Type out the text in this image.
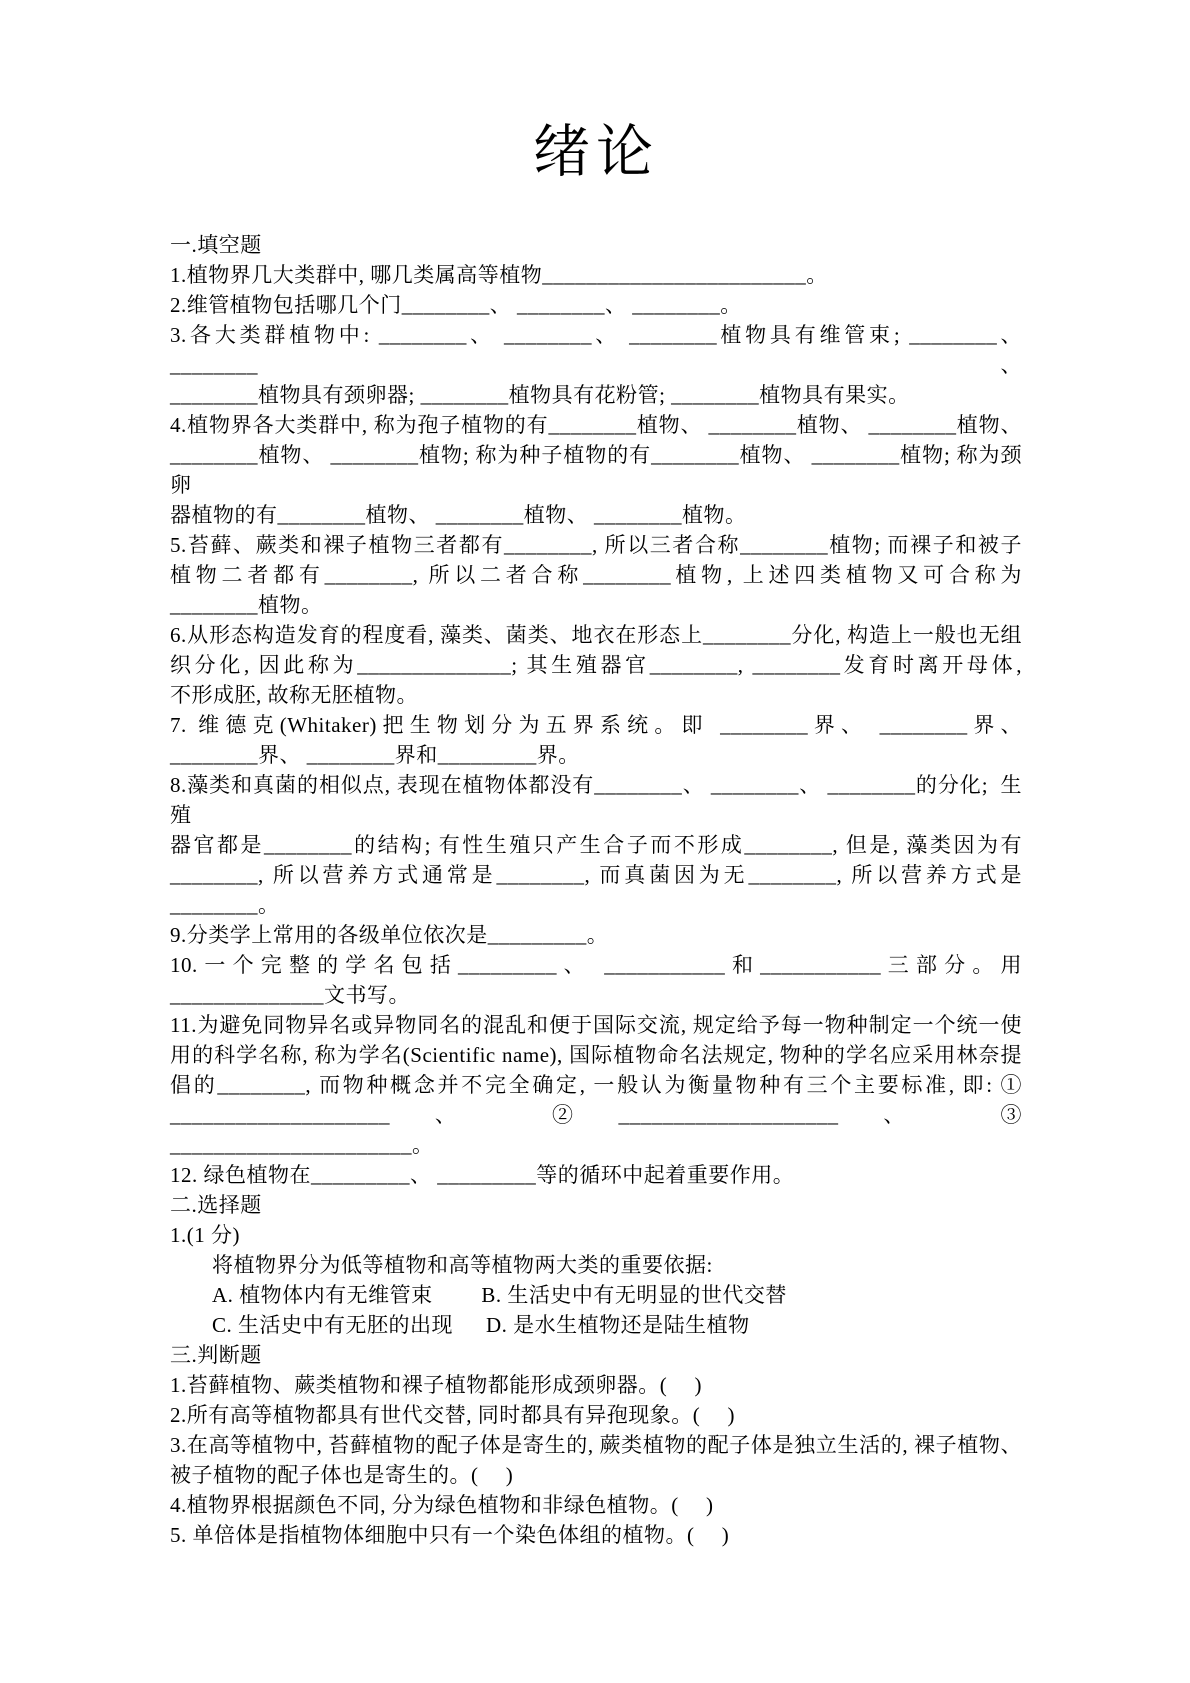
绪论

一.填空题

1.植物界几大类群中, 哪几类属高等植物________________________。

2.维管植物包括哪几个门________、 ________、 ________。

3.各大类群植物中: ________、 ________、 ________植物具有维管束; ________、 ________、

________植物具有颈卵器; ________植物具有花粉管; ________植物具有果实。

4.植物界各大类群中, 称为孢子植物的有________植物、 ________植物、 ________植物、

________植物、 ________植物; 称为种子植物的有________植物、 ________植物; 称为颈卵

器植物的有________植物、 ________植物、 ________植物。

5.苔藓、蕨类和裸子植物三者都有________, 所以三者合称________植物; 而裸子和被子

植物二者都有________, 所以二者合称________植物, 上述四类植物又可合称为

________植物。

6.从形态构造发育的程度看, 藻类、菌类、地衣在形态上________分化, 构造上一般也无组

织分化, 因此称为______________; 其生殖器官________, ________发育时离开母体,

不形成胚, 故称无胚植物。

7. 维德克(Whitaker)把生物划分为五界系统。即 ________界、 ________界、

________界、 ________界和_________界。

8.藻类和真菌的相似点, 表现在植物体都没有________、 ________、 ________的分化;  生殖

器官都是________的结构; 有性生殖只产生合子而不形成________, 但是, 藻类因为有

________, 所以营养方式通常是________, 而真菌因为无________, 所以营养方式是

________。

9.分类学上常用的各级单位依次是_________。

10.一个完整的学名包括_________、 ___________和___________三部分。用

______________文书写。

11.为避免同物异名或异物同名的混乱和便于国际交流, 规定给予每一物种制定一个统一使

用的科学名称, 称为学名(Scientific name), 国际植物命名法规定, 物种的学名应采用林奈提

倡的________, 而物种概念并不完全确定, 一般认为衡量物种有三个主要标准, 即: ①

____________________、 ②____________________、 ③

______________________。

12. 绿色植物在_________、 _________等的循环中起着重要作用。

二.选择题

1.(1 分)

将植物界分为低等植物和高等植物两大类的重要依据:

A. 植物体内有无维管束　　 B. 生活史中有无明显的世代交替

C. 生活史中有无胚的出现　  D. 是水生植物还是陆生植物

三.判断题

1.苔藓植物、蕨类植物和裸子植物都能形成颈卵器。(　 )

2.所有高等植物都具有世代交替, 同时都具有异孢现象。(　 )

3.在高等植物中, 苔藓植物的配子体是寄生的, 蕨类植物的配子体是独立生活的, 裸子植物、

被子植物的配子体也是寄生的。(　 )

4.植物界根据颜色不同, 分为绿色植物和非绿色植物。(　 )

5. 单倍体是指植物体细胞中只有一个染色体组的植物。(　 )
